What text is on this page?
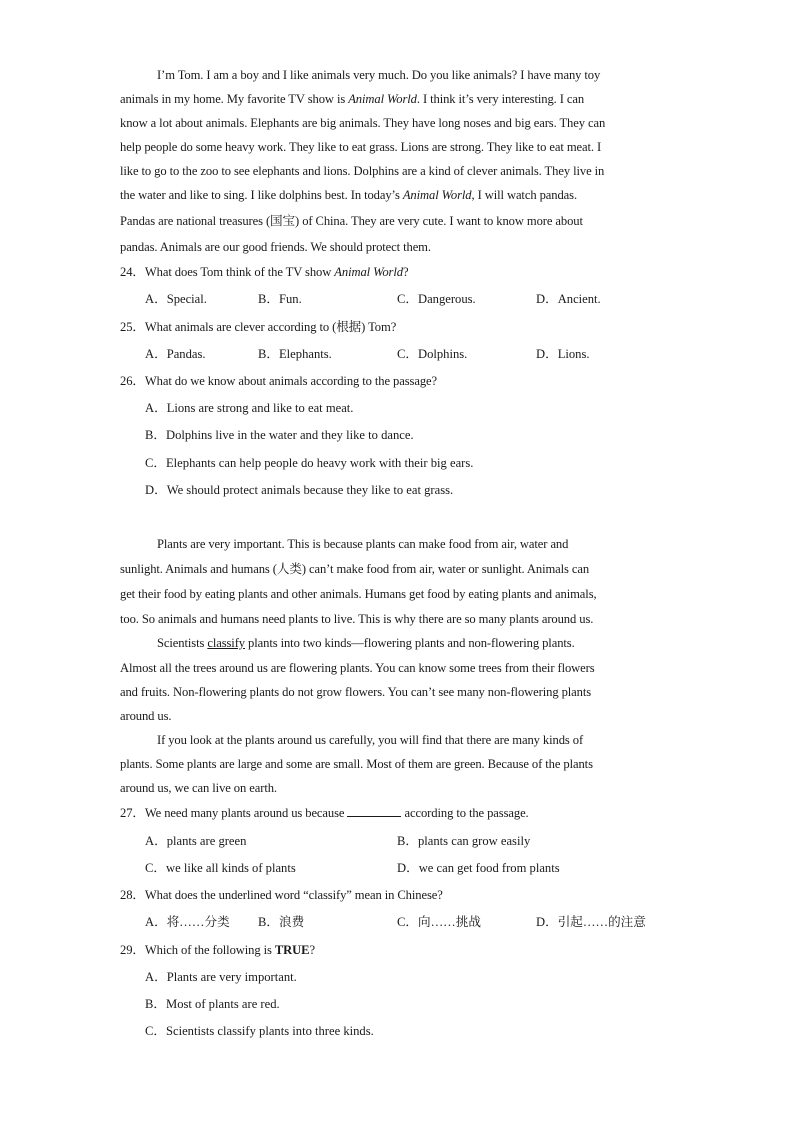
I’m Tom. I am a boy and I like animals very much. Do you like animals? I have many toy
animals in my home. My favorite TV show is Animal World. I think it’s very interesting. I can
know a lot about animals. Elephants are big animals. They have long noses and big ears. They can
help people do some heavy work. They like to eat grass. Lions are strong. They like to eat meat. I
like to go to the zoo to see elephants and lions. Dolphins are a kind of clever animals. They live in
the water and like to sing. I like dolphins best. In today’s Animal World, I will watch pandas.
Pandas are national treasures (国宝) of China. They are very cute. I want to know more about
pandas. Animals are our good friends. We should protect them.
24．What does Tom think of the TV show Animal World?
A．Special.	B．Fun.	C．Dangerous.	D．Ancient.
25．What animals are clever according to (根据) Tom?
A．Pandas.	B．Elephants.	C．Dolphins.	D．Lions.
26．What do we know about animals according to the passage?
A．Lions are strong and like to eat meat.
B．Dolphins live in the water and they like to dance.
C．Elephants can help people do heavy work with their big ears.
D．We should protect animals because they like to eat grass.
Plants are very important. This is because plants can make food from air, water and
sunlight. Animals and humans (人类) can’t make food from air, water or sunlight. Animals can
get their food by eating plants and other animals. Humans get food by eating plants and animals,
too. So animals and humans need plants to live. This is why there are so many plants around us.
Scientists classify plants into two kinds—flowering plants and non-flowering plants.
Almost all the trees around us are flowering plants. You can know some trees from their flowers
and fruits. Non-flowering plants do not grow flowers. You can’t see many non-flowering plants
around us.
If you look at the plants around us carefully, you will find that there are many kinds of
plants. Some plants are large and some are small. Most of them are green. Because of the plants
around us, we can live on earth.
27．We need many plants around us because	according to the passage.
A．plants are green	B．plants can grow easily
C．we like all kinds of plants	D．we can get food from plants
28．What does the underlined word “classify” mean in Chinese?
A．将……分类 B．浪费	C．向……挑战	D．引起……的注意
29．Which of the following is TRUE?
A．Plants are very important.
B．Most of plants are red.
C．Scientists classify plants into three kinds.
